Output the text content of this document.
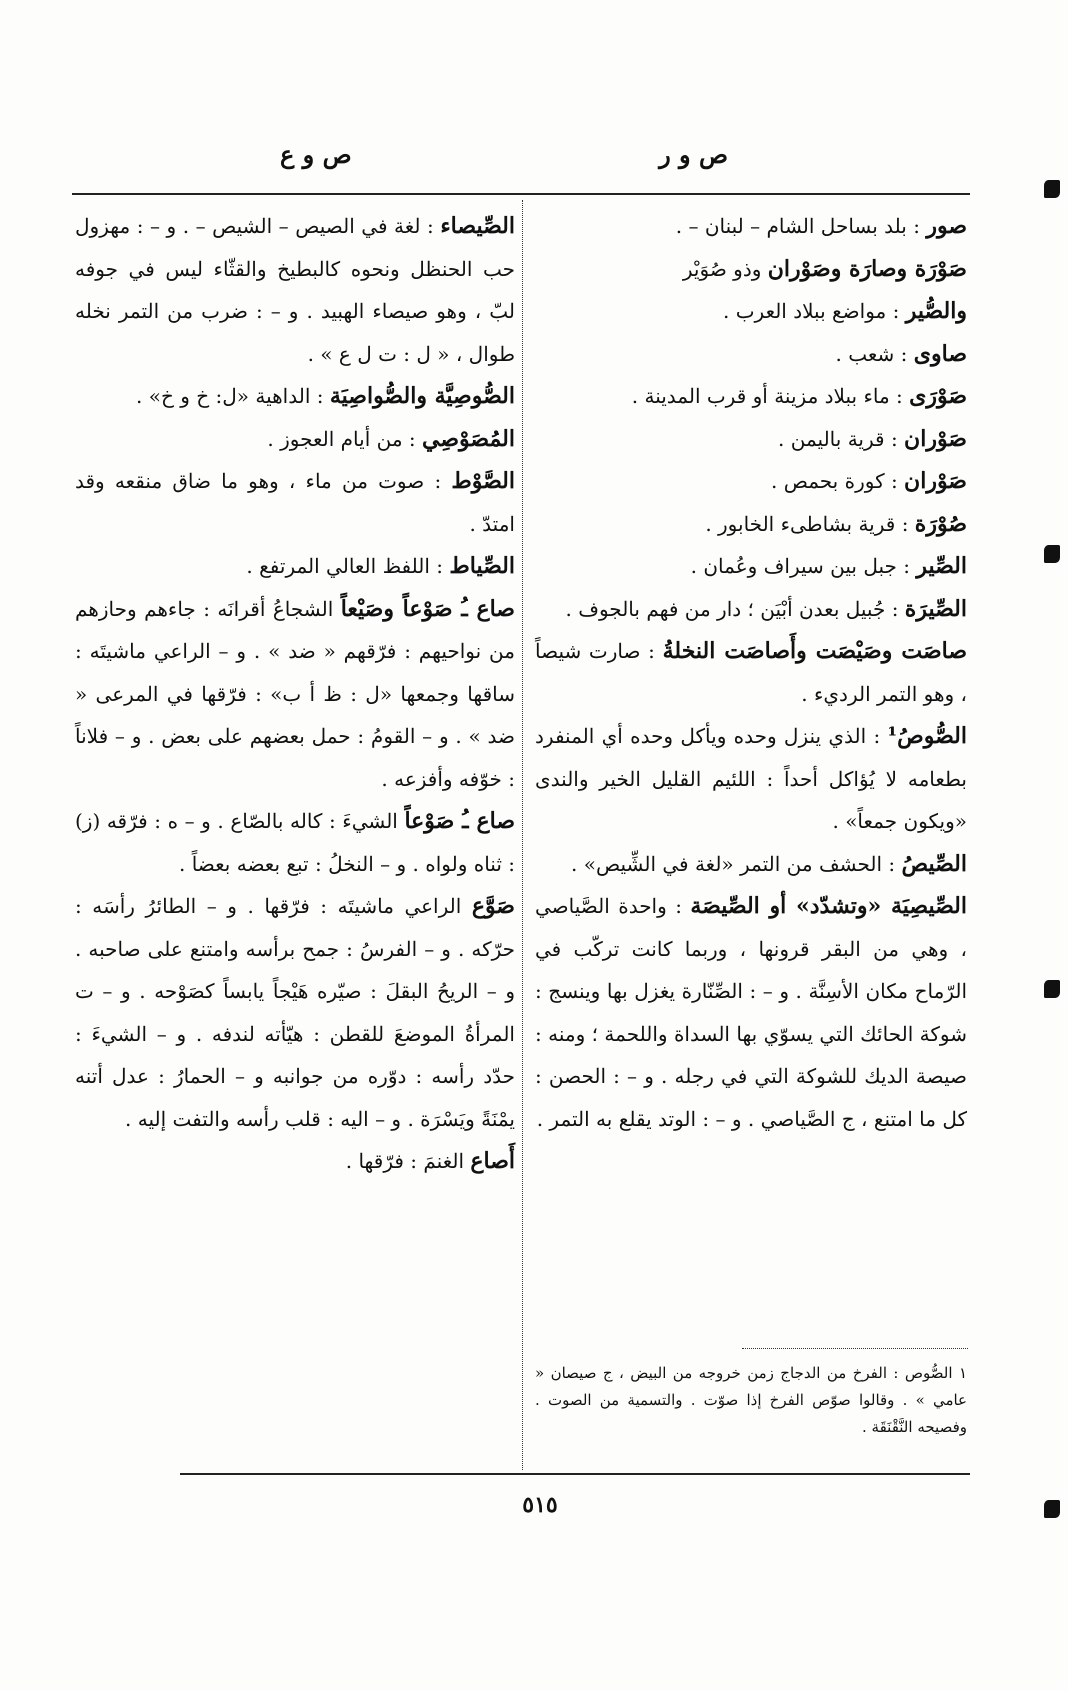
ص و ر
ص و ع

صور : بلد بساحل الشام – لبنان – .

صَوْرَة وصارَة وصَوْران وذو صُوَيْر

والصُّير : مواضع ببلاد العرب .

صاوى : شعب .

صَوْرَى : ماء ببلاد مزينة أو قرب المدينة .

صَوْران : قرية باليمن .

صَوْران : كورة بحمص .

صُوْرَة : قرية بشاطىء الخابور .

الصِّير : جبل بين سيراف وعُمان .

الصِّيرَة : جُبيل بعدن أبْيَن ؛ دار من فهم بالجوف .

صاصَت وصَيْصَت وأَصاصَت النخلةُ : صارت شيصاً ، وهو التمر الرديء .

الصُّوصُ¹ : الذي ينزل وحده ويأكل وحده أي المنفرد بطعامه لا يُؤاكل أحداً : اللئيم القليل الخير والندى «ويكون جمعاً» .

الصِّيصُ : الحشف من التمر «لغة في الشِّيص» .

الصِّيصِيَة «وتشدّد» أو الصِّيصَة : واحدة الصَّياصي ، وهي من البقر قرونها ، وربما كانت تركّب في الرّماح مكان الأسِنَّة . و – : الصِّنّارة يغزل بها وينسج : شوكة الحائك التي يسوّي بها السداة واللحمة ؛ ومنه : صيصة الديك للشوكة التي في رجله . و – : الحصن : كل ما امتنع ، ج الصَّياصي . و – : الوتد يقلع به التمر .

١ الصُّوص : الفرخ من الدجاج زمن خروجه من البيض ، ج صيصان « عامي » . وقالوا صوّص الفرخ إذا صوّت . والتسمية من الصوت . وفصيحه النَّقْنَقَة .

الصِّيصاء : لغة في الصيص – الشيص – . و – : مهزول حب الحنظل ونحوه كالبطيخ والقثّاء ليس في جوفه لبّ ، وهو صيصاء الهبيد . و – : ضرب من التمر نخله طوال ، « ل : ت ل ع » .

الصُّوصِيَّة والصُّواصِيَة : الداهية «ل: خ و خ» .

المُصَوْصِي : من أيام العجوز .

الصَّوْط : صوت من ماء ، وهو ما ضاق منقعه وقد امتدّ .

الصِّياط : اللفظ العالي المرتفع .

صاع ـُ صَوْعاً وصَيْعاً الشجاعُ أقرانَه : جاءهم وحازهم من نواحيهم : فرّقهم « ضد » . و – الراعي ماشيتَه : ساقها وجمعها «ل : ظ أ ب» : فرّقها في المرعى « ضد » . و – القومُ : حمل بعضهم على بعض . و – فلاناً : خوّفه وأفزعه .

صاع ـُ صَوْعاً الشيءَ : كاله بالصّاع . و – ه : فرّقه (ز) : ثناه ولواه . و – النخلُ : تبع بعضه بعضاً .

صَوَّع الراعي ماشيتَه : فرّقها . و – الطائرُ رأسَه : حرّكه . و – الفرسُ : جمح برأسه وامتنع على صاحبه . و – الريحُ البقلَ : صيّره هَيْجاً يابساً كصَوْحه . و – ت المرأةُ الموضعَ للقطن : هيّأته لندفه . و – الشيءَ : حدّد رأسه : دوّره من جوانبه و – الحمارُ : عدل أتنه يمْنَةً ويَسْرَة . و – اليه : قلب رأسه والتفت إليه .

أَصاع الغنمَ : فرّقها .

٥١٥
